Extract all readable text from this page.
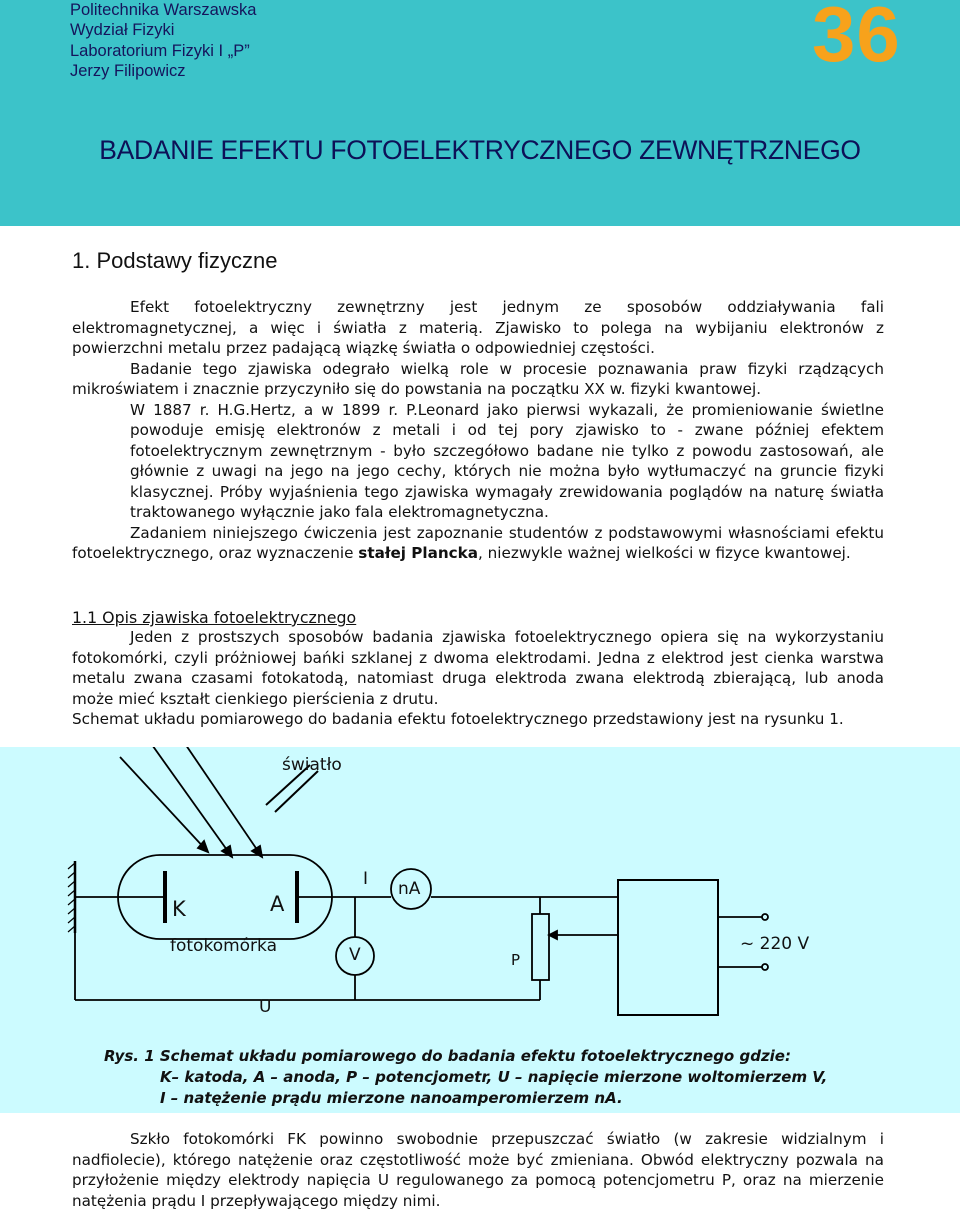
Politechnika Warszawska
Wydział Fizyki
Laboratorium Fizyki I „P”
Jerzy Filipowicz	36
BADANIE EFEKTU FOTOELEKTRYCZNEGO ZEWNĘTRZNEGO
1. Podstawy fizyczne

Efekt fotoelektryczny zewnętrzny jest jednym ze sposobów oddziaływania fali elektromagnetycznej, a więc i światła z materią. Zjawisko to polega na wybijaniu elektronów z powierzchni metalu przez padającą wiązkę światła o odpowiedniej częstości.

Badanie tego zjawiska odegrało wielką role w procesie poznawania praw fizyki rządzących mikroświatem i znacznie przyczyniło się do powstania na początku XX w. fizyki kwantowej.

W 1887 r. H.G.Hertz, a w 1899 r. P.Leonard jako pierwsi wykazali, że promieniowanie świetlne powoduje emisję elektronów z metali i od tej pory zjawisko to - zwane później efektem fotoelektrycznym zewnętrznym - było szczegółowo badane nie tylko z powodu zastosowań, ale głównie z uwagi na jego na jego cechy, których nie można było wytłumaczyć na gruncie fizyki klasycznej. Próby wyjaśnienia tego zjawiska wymagały zrewidowania poglądów na naturę światła traktowanego wyłącznie jako fala elektromagnetyczna.

Zadaniem niniejszego ćwiczenia jest zapoznanie studentów z podstawowymi własnościami efektu fotoelektrycznego, oraz wyznaczenie stałej Plancka, niezwykle ważnej wielkości w fizyce kwantowej.

1.1 Opis zjawiska fotoelektrycznego

Jeden z prostszych sposobów badania zjawiska fotoelektrycznego opiera się na wykorzystaniu fotokomórki, czyli próżniowej bańki szklanej z dwoma elektrodami. Jedna z elektrod jest cienka warstwa metalu zwana czasami fotokatodą, natomiast druga elektroda zwana elektrodą zbierającą, lub anoda może mieć kształt cienkiego pierścienia z drutu.

Schemat układu pomiarowego do badania efektu fotoelektrycznego przedstawiony jest na rysunku 1.

światło
K	A
fotokomórka
I nA
V	P
~ 220 V
U
Rys. 1 Schemat układu pomiarowego do badania efektu fotoelektrycznego gdzie:
K– katoda, A – anoda, P – potencjometr, U – napięcie mierzone woltomierzem V,
I – natężenie prądu mierzone nanoamperomierzem nA.

Szkło fotokomórki FK powinno swobodnie przepuszczać światło (w zakresie widzialnym i nadfiolecie), którego natężenie oraz częstotliwość może być zmieniana. Obwód elektryczny pozwala na przyłożenie między elektrody napięcia U regulowanego za pomocą potencjometru P, oraz na mierzenie natężenia prądu I przepływającego między nimi.
